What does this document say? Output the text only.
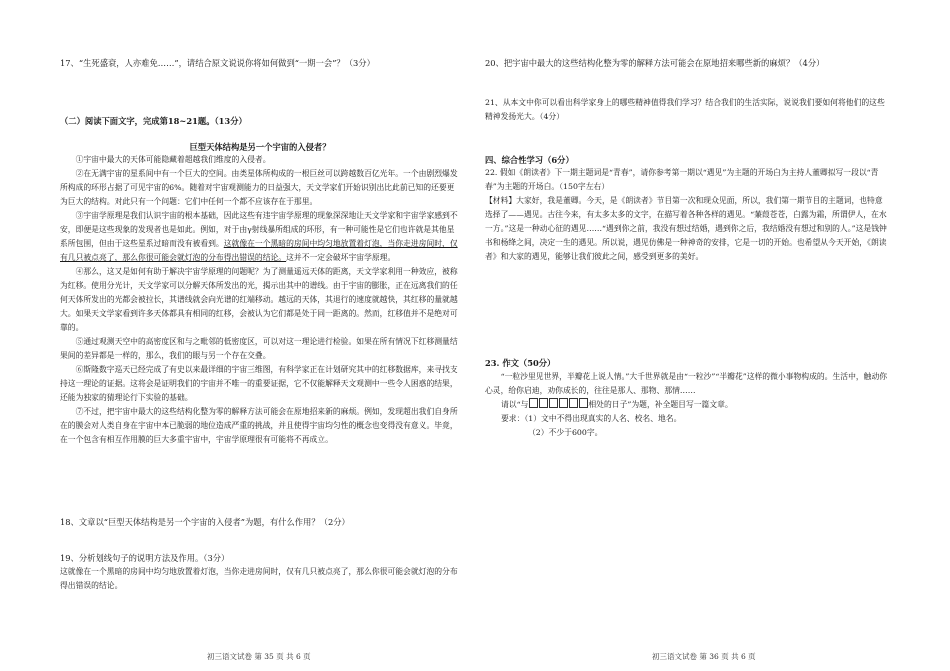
17、“生死盛衰，人亦难免……”，请结合原文说说你将如何做到“一期一会”？（3分）
（二）阅读下面文字，完成第18~21题。（13分）
巨型天体结构是另一个宇宙的入侵者？
①宇宙中最大的天体可能隐藏着超越我们维度的入侵者。
②在无满宇宙的星系间中有一个巨大的空间。由类星体所构成的一根巨丝可以跨越数百亿光年。一个由剧烈爆发所构成的环形占据了可见宇宙的6%。随着对宇宙观测能力的日益强大，天文学家们开始识别出比此前已知的还要更为巨大的结构。对此只有一个问题：它们中任何一个都不应该存在于那里。
③宇宙学原理是我们认识宇宙的根本基础，因此这些有违宇宙学原理的现象深深地让天文学家和宇宙学家感到不安，即便是这些现象的发现者也是如此。例如，对于由γ射线暴所组成的环形，有一种可能性是它们也许就是其他星系所包围，但由于这些星系过暗而没有被看到。这就像在一个黑暗的房间中均匀地放置着灯泡，当你走进房间时，仅有几只被点亮了，那么你很可能会就灯泡的分布得出错误的结论。这并不一定会破坏宇宙学原理。
④那么，这又是如何有助于解决宇宙学原理的问题呢？为了测量遥远天体的距离，天文学家利用一种效应，被称为红移。使用分光计，天文学家可以分解天体所发出的光，揭示出其中的谱线。由于宇宙的膨胀，正在远离我们的任何天体所发出的光都会被拉长，其谱线就会向光谱的红端移动。越远的天体，其退行的速度就越快，其红移的量就越大。如果天文学家看到许多天体都具有相同的红移，会被认为它们都是处于同一距离的。然而，红移值并不是绝对可靠的。
⑤通过观测天空中的高密度区和与之毗邻的低密度区，可以对这一理论进行检验。如果在所有情况下红移测量结果间的差异都是一样的，那么，我们的眼与另一个存在交叠。
⑥斯隆数字巡天已经完成了有史以来最详细的宇宙三维图，有科学家正在计划研究其中的红移数据库，来寻找支持这一理论的证据。这将会是证明我们的宇宙并不唯一的重要证据，它不仅能解释天文观测中一些令人困惑的结果，还能为独家的猜理论行下实验的基础。
⑦不过，把宇宙中最大的这些结构化整为零的解释方法可能会在原地招来新的麻烦。例如，发现超出我们自身所在的膜会对人类自身在宇宙中本已脆弱的地位造成严重的挑战，并且使得宇宙均匀性的概念也变得没有意义。毕竟，在一个包含有相互作用膜的巨大多重宇宙中，宇宙学原理很有可能将不再成立。
18、文章以“巨型天体结构是另一个宇宙的入侵者”为题，有什么作用？（2分）
19、分析划线句子的说明方法及作用。（3分）
这就像在一个黑暗的房间中均匀地放置着灯泡，当你走进房间时，仅有几只被点亮了，那么你很可能会就灯泡的分布得出错误的结论。
初三语文试卷 第 35 页 共 6 页
20、把宇宙中最大的这些结构化整为零的解释方法可能会在原地招来哪些新的麻烦？（4分）
21、从本文中你可以看出科学家身上的哪些精神值得我们学习？结合我们的生活实际，说说我们要如何将他们的这些精神发扬光大。（4分）
四、综合性学习（6分）
22. 假如《朗读者》下一期主题词是“青春”，请你参考第一期以“遇见”为主题的开场白为主持人董卿拟写一段以“青春”为主题的开场白。（150字左右）
【材料】大家好，我是董卿。今天，是《朗读者》节目第一次和现众见面，所以，我们第一期节目的主题词，也特意选择了——遇见。古往今来，有太多太多的文字，在描写着各种各样的遇见。“蒹葭苍苍，白露为霜，所谓伊人，在水一方。”这是一种动心征的遇见……“遇到你之前，我没有想过结婚，遇到你之后，我结婚没有想过和别的人。”这是钱钟书和杨绛之间，决定一生的遇见。所以说，遇见仿佛是一种神奇的安排，它是一切的开始。也希望从今天开始，《朗读者》和大家的遇见，能够让我们彼此之间，感受到更多的美好。
23. 作文（50分）
“一粒沙里见世界，半瓣花上说人情。”大千世界就是由“一粒沙”“半瓣花”这样的微小事物构成的。生活中，触动你心灵，给你启迪，劝你成长的，往往是那人、那物、那情……
请以“与	相处的日子”为题，补全题目写一篇文章。
要求：（1）文中不得出现真实的人名、校名、地名。
（2）不少于600字。
初三语文试卷 第 36 页 共 6 页
